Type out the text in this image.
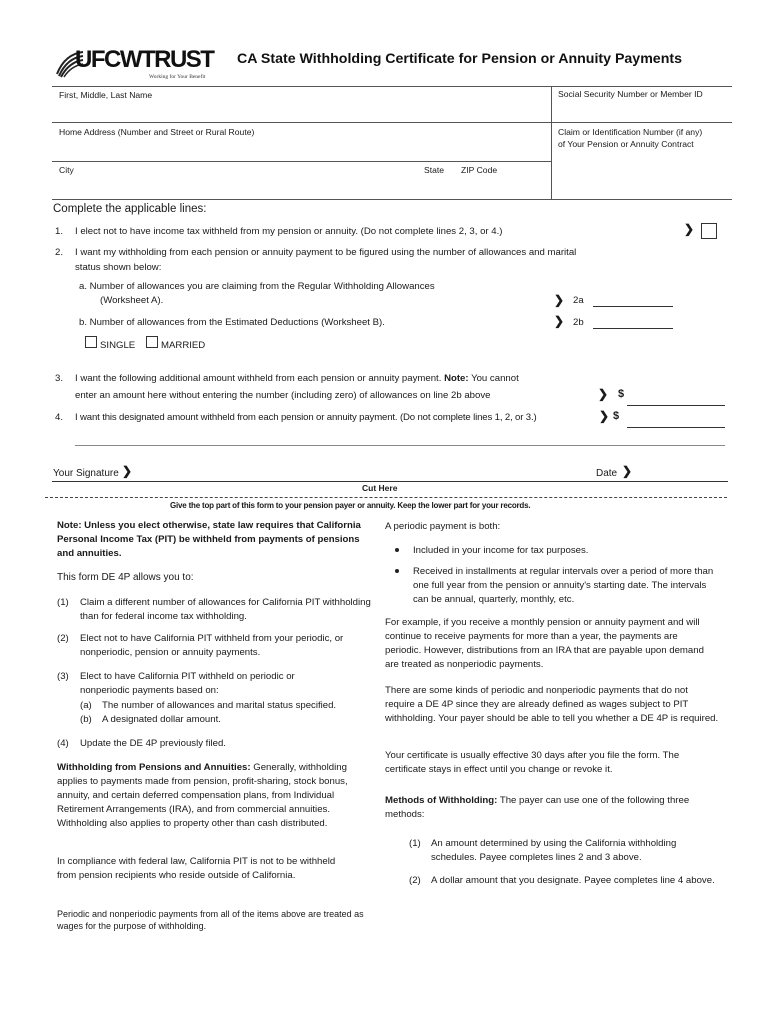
UFCWTRUST
Working for Your Benefit
CA State Withholding Certificate for Pension or Annuity Payments
First, Middle, Last Name	Social Security Number or Member ID
Home Address (Number and Street or Rural Route)	Claim or Identification Number (if any)
of Your Pension or Annuity Contract
City	State ZIP Code
Complete the applicable lines:
1. I elect not to have income tax withheld from my pension or annuity. (Do not complete lines 2, 3, or 4.)	❯
2. I want my withholding from each pension or annuity payment to be figured using the number of allowances and marital
status shown below:
a. Number of allowances you are claiming from the Regular Withholding Allowances
(Worksheet A).	❯ 2a
b. Number of allowances from the Estimated Deductions (Worksheet B).	❯ 2b
SINGLE	MARRIED
3. I want the following additional amount withheld from each pension or annuity payment. Note: You cannot
enter an amount here without entering the number (including zero) of allowances on line 2b above	❯ $
4. I want this designated amount withheld from each pension or annuity payment. (Do not complete lines 1, 2, or 3.)	❯ $
Your Signature ❯	Date ❯
Cut Here
Give the top part of this form to your pension payer or annuity. Keep the lower part for your records.
Note: Unless you elect otherwise, state law requires that California Personal Income Tax (PIT) be withheld from payments of pensions and annuities.
This form DE 4P allows you to:
(1) Claim a different number of allowances for California PIT withholding than for federal income tax withholding.
(2) Elect not to have California PIT withheld from your periodic, or nonperiodic, pension or annuity payments.
(3) Elect to have California PIT withheld on periodic or nonperiodic payments based on:
(a) The number of allowances and marital status specified.
(b) A designated dollar amount.
(4) Update the DE 4P previously filed.
Withholding from Pensions and Annuities: Generally, withholding applies to payments made from pension, profit-sharing, stock bonus, annuity, and certain deferred compensation plans, from Individual Retirement Arrangements (IRA), and from commercial annuities. Withholding also applies to property other than cash distributed.
In compliance with federal law, California PIT is not to be withheld from pension recipients who reside outside of California.
Periodic and nonperiodic payments from all of the items above are treated as wages for the purpose of withholding.
A periodic payment is both:
Included in your income for tax purposes.
Received in installments at regular intervals over a period of more than one full year from the pension or annuity's starting date. The intervals can be annual, quarterly, monthly, etc.
For example, if you receive a monthly pension or annuity payment and will continue to receive payments for more than a year, the payments are periodic. However, distributions from an IRA that are payable upon demand are treated as nonperiodic payments.
There are some kinds of periodic and nonperiodic payments that do not require a DE 4P since they are already defined as wages subject to PIT withholding. Your payer should be able to tell you whether a DE 4P is required.
Your certificate is usually effective 30 days after you file the form. The certificate stays in effect until you change or revoke it.
Methods of Withholding: The payer can use one of the following three methods:
(1) An amount determined by using the California withholding schedules. Payee completes lines 2 and 3 above.
(2) A dollar amount that you designate. Payee completes line 4 above.
